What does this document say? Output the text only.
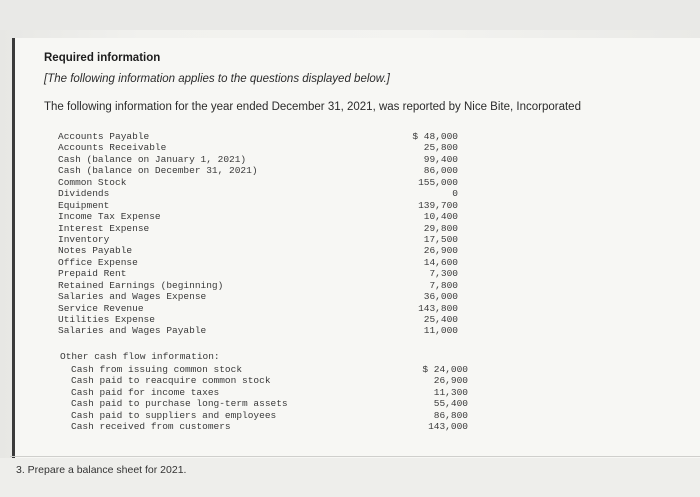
Required information
[The following information applies to the questions displayed below.]
The following information for the year ended December 31, 2021, was reported by Nice Bite, Incorporated
Accounts Payable	$ 48,000
Accounts Receivable	25,800
Cash (balance on January 1, 2021)	99,400
Cash (balance on December 31, 2021)	86,000
Common Stock	155,000
Dividends	0
Equipment	139,700
Income Tax Expense	10,400
Interest Expense	29,800
Inventory	17,500
Notes Payable	26,900
Office Expense	14,600
Prepaid Rent	7,300
Retained Earnings (beginning)	7,800
Salaries and Wages Expense	36,000
Service Revenue	143,800
Utilities Expense	25,400
Salaries and Wages Payable	11,000
Other cash flow information:
Cash from issuing common stock	$ 24,000
Cash paid to reacquire common stock	26,900
Cash paid for income taxes	11,300
Cash paid to purchase long-term assets	55,400
Cash paid to suppliers and employees	86,800
Cash received from customers	143,000
3. Prepare a balance sheet for 2021.
